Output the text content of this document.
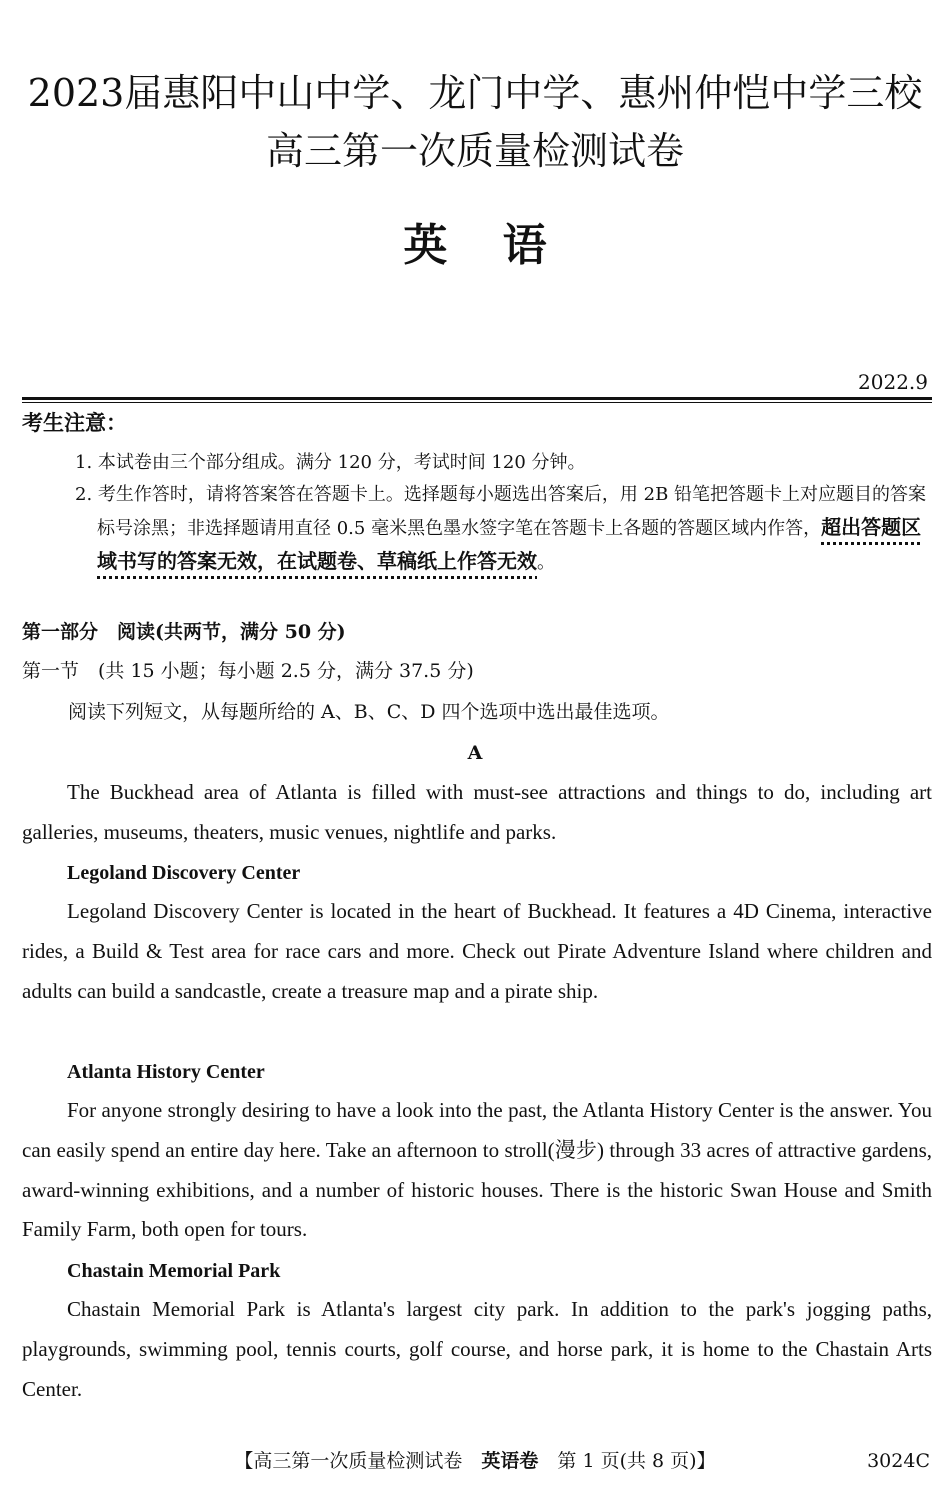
2023届惠阳中山中学、龙门中学、惠州仲恺中学三校
高三第一次质量检测试卷
英 语
2022.9
考生注意：
1. 本试卷由三个部分组成。满分 120 分，考试时间 120 分钟。
2. 考生作答时，请将答案答在答题卡上。选择题每小题选出答案后，用 2B 铅笔把答题卡上对应题目的答案标号涂黑；非选择题请用直径 0.5 毫米黑色墨水签字笔在答题卡上各题的答题区域内作答，超出答题区域书写的答案无效，在试题卷、草稿纸上作答无效。
第一部分　阅读(共两节，满分 50 分)
第一节　(共 15 小题；每小题 2.5 分，满分 37.5 分)
阅读下列短文，从每题所给的 A、B、C、D 四个选项中选出最佳选项。
A
The Buckhead area of Atlanta is filled with must-see attractions and things to do, including art galleries, museums, theaters, music venues, nightlife and parks.
Legoland Discovery Center
Legoland Discovery Center is located in the heart of Buckhead. It features a 4D Cinema, interactive rides, a Build & Test area for race cars and more. Check out Pirate Adventure Island where children and adults can build a sandcastle, create a treasure map and a pirate ship.
Atlanta History Center
For anyone strongly desiring to have a look into the past, the Atlanta History Center is the answer. You can easily spend an entire day here. Take an afternoon to stroll(漫步) through 33 acres of attractive gardens, award-winning exhibitions, and a number of historic houses. There is the historic Swan House and Smith Family Farm, both open for tours.
Chastain Memorial Park
Chastain Memorial Park is Atlanta's largest city park. In addition to the park's jogging paths, playgrounds, swimming pool, tennis courts, golf course, and horse park, it is home to the Chastain Arts Center.
【高三第一次质量检测试卷　英语卷　第 1 页(共 8 页)】	3024C
